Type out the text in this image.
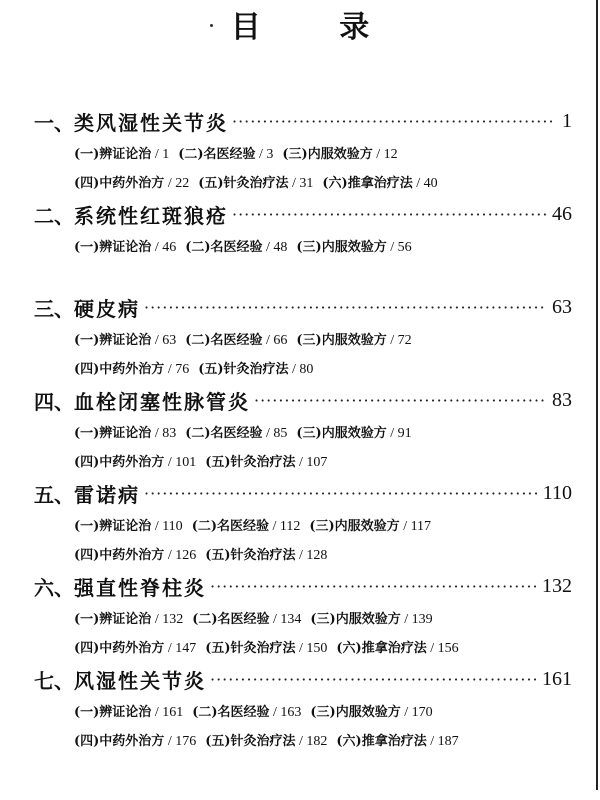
目 录
一、 类风湿性关节炎 ·····	1
(一)辨证论治 / 1 (二)名医经验 / 3 (三)内服效验方 / 12
(四)中药外治方 / 22 (五)针灸治疗法 / 31 (六)推拿治疗法 / 40
二、 系统性红斑狼疮 ·····	46
(一)辨证论治 / 46 (二)名医经验 / 48 (三)内服效验方 / 56
三、 硬皮病 ·····	63
(一)辨证论治 / 63 (二)名医经验 / 66 (三)内服效验方 / 72
(四)中药外治方 / 76 (五)针灸治疗法 / 80
四、 血栓闭塞性脉管炎 ·····	83
(一)辨证论治 / 83 (二)名医经验 / 85 (三)内服效验方 / 91
(四)中药外治方 / 101 (五)针灸治疗法 / 107
五、 雷诺病 ·····	110
(一)辨证论治 / 110 (二)名医经验 / 112 (三)内服效验方 / 117
(四)中药外治方 / 126 (五)针灸治疗法 / 128
六、 强直性脊柱炎 ·····	132
(一)辨证论治 / 132 (二)名医经验 / 134 (三)内服效验方 / 139
(四)中药外治方 / 147 (五)针灸治疗法 / 150 (六)推拿治疗法 / 156
七、 风湿性关节炎 ·····	161
(一)辨证论治 / 161 (二)名医经验 / 163 (三)内服效验方 / 170
(四)中药外治方 / 176 (五)针灸治疗法 / 182 (六)推拿治疗法 / 187
